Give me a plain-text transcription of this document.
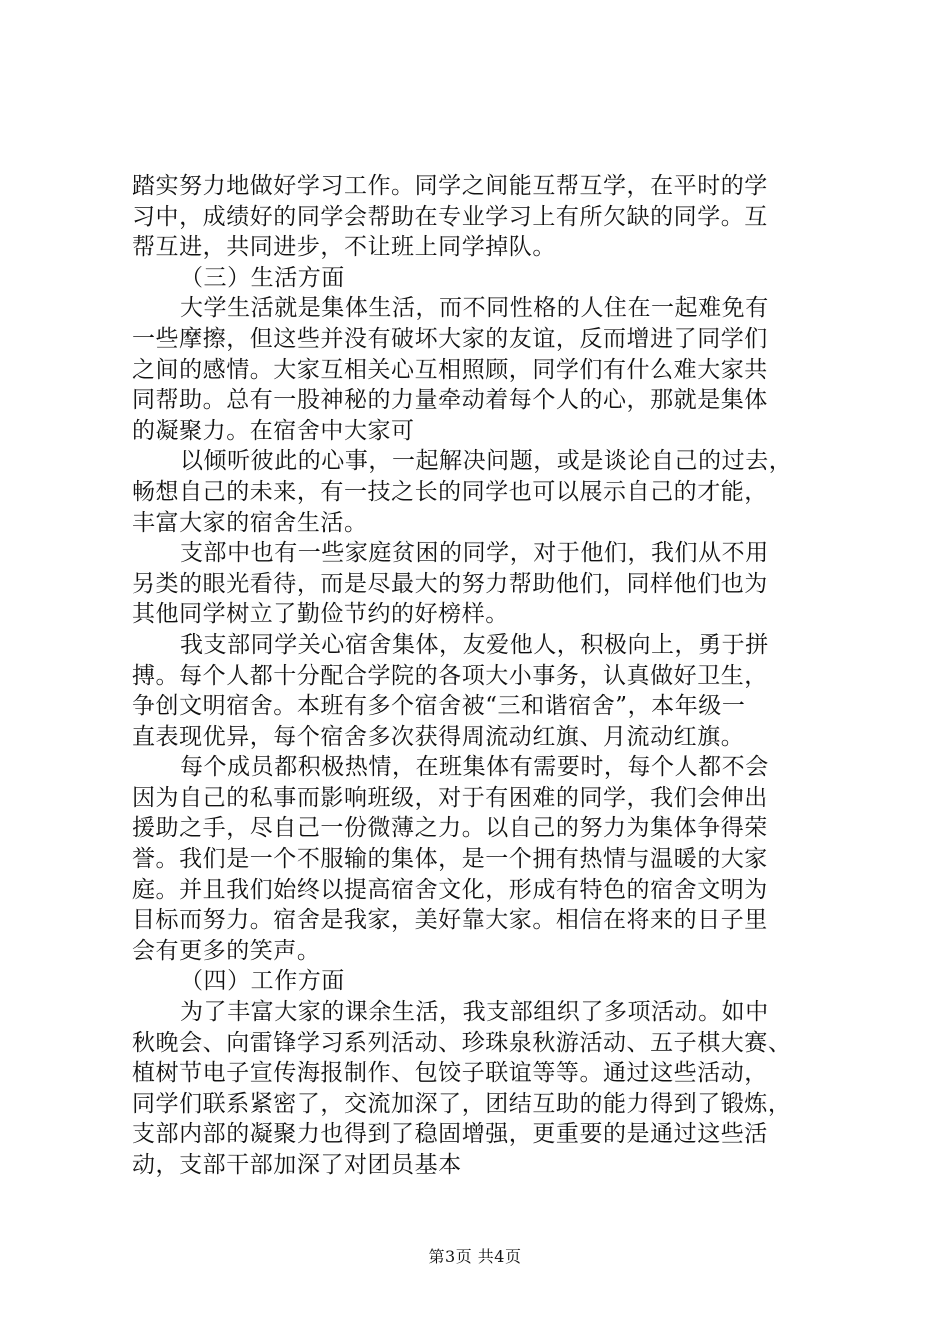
踏实努力地做好学习工作。同学之间能互帮互学，在平时的学
习中，成绩好的同学会帮助在专业学习上有所欠缺的同学。互
帮互进，共同进步，不让班上同学掉队。
（三）生活方面
大学生活就是集体生活，而不同性格的人住在一起难免有
一些摩擦，但这些并没有破坏大家的友谊，反而增进了同学们
之间的感情。大家互相关心互相照顾，同学们有什么难大家共
同帮助。总有一股神秘的力量牵动着每个人的心，那就是集体
的凝聚力。在宿舍中大家可
以倾听彼此的心事，一起解决问题，或是谈论自己的过去，
畅想自己的未来，有一技之长的同学也可以展示自己的才能，
丰富大家的宿舍生活。
支部中也有一些家庭贫困的同学，对于他们，我们从不用
另类的眼光看待，而是尽最大的努力帮助他们，同样他们也为
其他同学树立了勤俭节约的好榜样。
我支部同学关心宿舍集体，友爱他人，积极向上，勇于拼
搏。每个人都十分配合学院的各项大小事务，认真做好卫生，
争创文明宿舍。本班有多个宿舍被“三和谐宿舍”，本年级一
直表现优异，每个宿舍多次获得周流动红旗、月流动红旗。
每个成员都积极热情，在班集体有需要时，每个人都不会
因为自己的私事而影响班级，对于有困难的同学，我们会伸出
援助之手，尽自己一份微薄之力。以自己的努力为集体争得荣
誉。我们是一个不服输的集体，是一个拥有热情与温暖的大家
庭。并且我们始终以提高宿舍文化，形成有特色的宿舍文明为
目标而努力。宿舍是我家，美好靠大家。相信在将来的日子里
会有更多的笑声。
（四）工作方面
为了丰富大家的课余生活，我支部组织了多项活动。如中
秋晚会、向雷锋学习系列活动、珍珠泉秋游活动、五子棋大赛、
植树节电子宣传海报制作、包饺子联谊等等。通过这些活动，
同学们联系紧密了，交流加深了，团结互助的能力得到了锻炼，
支部内部的凝聚力也得到了稳固增强，更重要的是通过这些活
动，支部干部加深了对团员基本
第3页 共4页
